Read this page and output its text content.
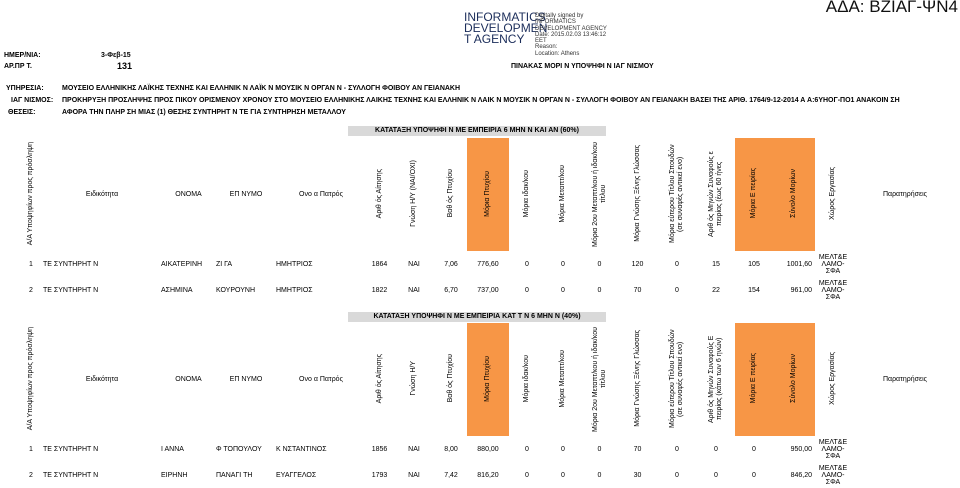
INFORMATICS
DEVELOPMEN
T AGENCY
Digitally signed by
INFORMATICS
DEVELOPMENT AGENCY
Date: 2015.02.03 13:46:12
EET
Reason:
Location: Athens
ΑΔΑ: ΒΖΙΑΓ-ΨΝ4
ΗΜΕΡ/ΝΙΑ:	3-Φεβ-15
ΑΡ.ΠΡ Τ.	131	ΠΙΝΑΚΑΣ ΜΟΡΙ Ν ΥΠΟΨΗΦΙ Ν ΙΑΓ ΝΙΣΜΟΥ
ΥΠΗΡΕΣΙΑ:	ΜΟΥΣΕΙΟ ΕΛΛΗΝΙΚΗΣ ΛΑΪΚΗΣ ΤΕΧΝΗΣ ΚΑΙ ΕΛΛΗΝΙΚ Ν ΛΑΪΚ Ν ΜΟΥΣΙΚ Ν ΟΡΓΑΝ Ν - ΣΥΛΛΟΓΗ ΦΟΙΒΟΥ ΑΝ ΓΕΙΑΝΑΚΗ
ΙΑΓ ΝΙΣΜΟΣ: ΠΡΟΚΗΡΥΞΗ ΠΡΟΣΛΗΨΗΣ ΠΡΟΣ ΠΙΚΟΥ ΟΡΙΣΜΕΝΟΥ ΧΡΟΝΟΥ ΣΤΟ ΜΟΥΣΕΙΟ ΕΛΛΗΝΙΚΗΣ ΛΑΪΚΗΣ ΤΕΧΝΗΣ ΚΑΙ ΕΛΛΗΝΙΚ Ν ΛΑΪΚ Ν ΜΟΥΣΙΚ Ν ΟΡΓΑΝ Ν - ΣΥΛΛΟΓΗ ΦΟΙΒΟΥ ΑΝ ΓΕΙΑΝΑΚΗ ΒΑΣΕΙ ΤΗΣ ΑΡΙΘ. 1764/9-12-2014 Α Α:6ΥΗΟΓ-ΠΟ1 ΑΝΑΚΟΙΝ ΣΗ
ΘΕΣΕΙΣ:	ΑΦΟΡΑ ΤΗΝ ΠΛΗΡ ΣΗ ΜΙΑΣ (1) ΘΕΣΗΣ ΣΥΝΤΗΡΗΤ Ν ΤΕ ΓΙΑ ΣΥΝΤΗΡΗΣΗ ΜΕΤΑΛΛΟΥ
ΚΑΤΑΤΑΞΗ ΥΠΟΨΗΦΙ Ν ΜΕ ΕΜΠΕΙΡΙΑ 6 ΜΗΝ Ν ΚΑΙ ΑΝ (60%)
Α/Α Υποψηφίων προς πρόσληψη	Ειδικότητα	ΟΝΟΜΑ	ΕΠ ΝΥΜΟ	Ονο α Πατρός	Αριθ ός Αίτησης	Γνώση Η/Υ (ΝΑΙ/ΟΧΙ)	Βαθ ός Πτυχίου	Μόρια Πτυχίου	Μόρια ιδακ/κου	Μόρια Μεταπτ/κου	Μόρια 2ου Μεταπτ/κου ή ιδακ/κου τίτλου	Μόρια Γνώσης Ξένης Γλώσσας	Μόρια εύτερου Τίτλου Σπουδών (σε συναφές αντικεί ενο)	Αριθ ός Μηνών Συναφούς ε πειρίας (έως 60 ήνες	Μόρια Ε πειρίας	Σύνολο Μορίων	Χώρος Εργασίας	Παρατηρήσεις
1	ΤΕ ΣΥΝΤΗΡΗΤ Ν	ΑΙΚΑΤΕΡΙΝΗ	ΖΙ ΓΑ	ΗΜΗΤΡΙΟΣ	1864	ΝΑΙ	7,06	776,60	0	0	0	120	0	15	105	1001,60	ΜΕΛΤ&Ε ΛΑΜΟ-ΣΦΑ	
2	ΤΕ ΣΥΝΤΗΡΗΤ Ν	ΑΣΗΜΙΝΑ	ΚΟΥΡΟΥΝΗ	ΗΜΗΤΡΙΟΣ	1822	ΝΑΙ	6,70	737,00	0	0	0	70	0	22	154	961,00	ΜΕΛΤ&Ε ΛΑΜΟ-ΣΦΑ	
ΚΑΤΑΤΑΞΗ ΥΠΟΨΗΦΙ Ν ΜΕ ΕΜΠΕΙΡΙΑ ΚΑΤ Τ Ν 6 ΜΗΝ Ν (40%)
Α/Α Υποψηφίων προς πρόσληψη	Ειδικότητα	ΟΝΟΜΑ	ΕΠ ΝΥΜΟ	Ονο α Πατρός	Αριθ ός Αίτησης	Γνώση Η/Υ	Βαθ ός Πτυχίου	Μόρια Πτυχίου	Μόρια ιδακ/κου	Μόρια Μεταπτ/κου	Μόρια 2ου Μεταπτ/κου ή ιδακ/κου τίτλου	Μόρια Γνώσης Ξένης Γλώσσας	Μόρια εύτερου Τίτλου Σπουδών (σε συναφές αντικεί ενο)	Αριθ ός Μηνών Συναφούς Ε πειρίας (κάτω των 6 ηνών)	Μόρια Ε πειρίας	Σύνολο Μορίων	Χώρος Εργασίας	Παρατηρήσεις
1	ΤΕ ΣΥΝΤΗΡΗΤ Ν	Ι ΑΝΝΑ	Φ ΤΟΠΟΥΛΟΥ	Κ ΝΣΤΑΝΤΙΝΟΣ	1856	ΝΑΙ	8,00	880,00	0	0	0	70	0	0	0	950,00	ΜΕΛΤ&Ε ΛΑΜΟ-ΣΦΑ	
2	ΤΕ ΣΥΝΤΗΡΗΤ Ν	ΕΙΡΗΝΗ	ΠΑΝΑΓΙ ΤΗ	ΕΥΑΓΓΕΛΟΣ	1793	ΝΑΙ	7,42	816,20	0	0	0	30	0	0	0	846,20	ΜΕΛΤ&Ε ΛΑΜΟ-ΣΦΑ	
